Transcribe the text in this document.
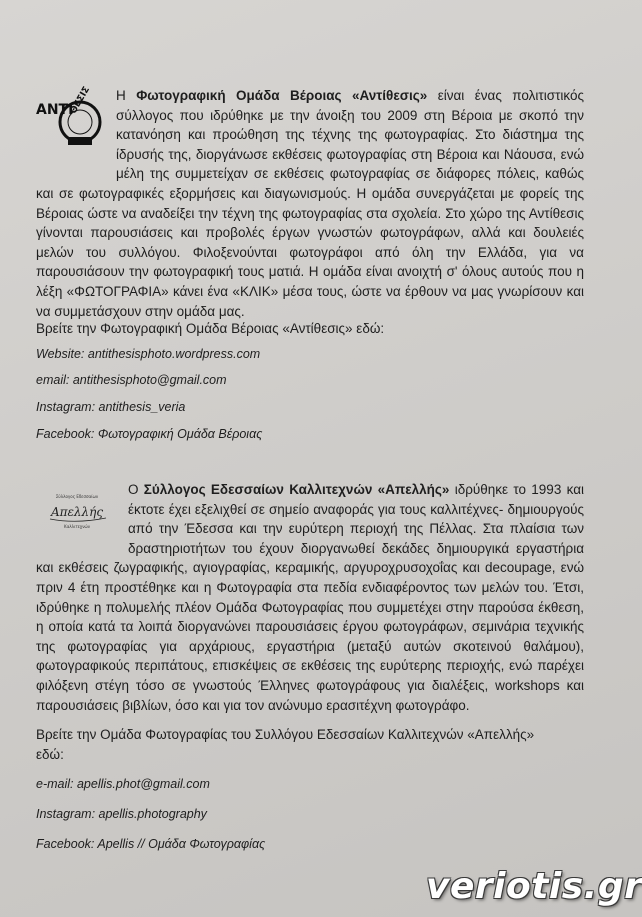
ANTI
ΘΕΣΙΣ	Η Φωτογραφική Ομάδα Βέροιας «Αντίθεσις» είναι ένας πολιτιστικός σύλλογος που ιδρύθηκε με την άνοιξη του 2009 στη Βέροια με σκοπό την κατανόηση και προώθηση της τέχνης της φωτογραφίας. Στο διάστημα της ίδρυσής της, διοργάνωσε εκθέσεις φωτογραφίας στη Βέροια και Νάουσα, ενώ μέλη της συμμετείχαν σε εκθέσεις φωτογραφίας σε διάφορες πόλεις, καθώς και σε φωτογραφικές εξορμήσεις και διαγωνισμούς. Η ομάδα συνεργάζεται με φορείς της Βέροιας ώστε να αναδείξει την τέχνη της φωτογραφίας στα σχολεία. Στο χώρο της Αντίθεσις γίνονται παρουσιάσεις και προβολές έργων γνωστών φωτογράφων, αλλά και δουλειές μελών του συλλόγου. Φιλοξενούνται φωτογράφοι από όλη την Ελλάδα, για να παρουσιάσουν την φωτογραφική τους ματιά. Η ομάδα είναι ανοιχτή σ' όλους αυτούς που η λέξη «ΦΩΤΟΓΡΑΦΙΑ» κάνει ένα «ΚΛΙΚ» μέσα τους, ώστε να έρθουν να μας γνωρίσουν και να συμμετάσχουν στην ομάδα μας.

Βρείτε την Φωτογραφική Ομάδα Βέροιας «Αντίθεσις» εδώ:

Website: antithesisphoto.wordpress.com

email: antithesisphoto@gmail.com

Instagram: antithesis_veria

Facebook: Φωτογραφική Ομάδα Βέροιας

Σύλλογος Εδεσσαίων
Απελλής
Καλλιτεχνών

Ο Σύλλογος Εδεσσαίων Καλλιτεχνών «Απελλής» ιδρύθηκε το 1993 και έκτοτε έχει εξελιχθεί σε σημείο αναφοράς για τους καλλιτέχνες- δημιουργούς από την Έδεσσα και την ευρύτερη περιοχή της Πέλλας. Στα πλαίσια των δραστηριοτήτων του έχουν διοργανωθεί δεκάδες δημιουργικά εργαστήρια και εκθέσεις ζωγραφικής, αγιογραφίας, κεραμικής, αργυροχρυσοχοΐας και decoupage, ενώ πριν 4 έτη προστέθηκε και η Φωτογραφία στα πεδία ενδιαφέροντος των μελών του. Έτσι, ιδρύθηκε η πολυμελής πλέον Ομάδα Φωτογραφίας που συμμετέχει στην παρούσα έκθεση, η οποία κατά τα λοιπά διοργανώνει παρουσιάσεις έργου φωτογράφων, σεμινάρια τεχνικής της φωτογραφίας για αρχάριους, εργαστήρια (μεταξύ αυτών σκοτεινού θαλάμου), φωτογραφικούς περιπάτους, επισκέψεις σε εκθέσεις της ευρύτερης περιοχής, ενώ παρέχει φιλόξενη στέγη τόσο σε γνωστούς Έλληνες φωτογράφους για διαλέξεις, workshops και παρουσιάσεις βιβλίων, όσο και για τον ανώνυμο ερασιτέχνη φωτογράφο.

Βρείτε την Ομάδα Φωτογραφίας του Συλλόγου Εδεσσαίων Καλλιτεχνών «Απελλής»

εδώ:

e-mail: apellis.phot@gmail.com

Instagram: apellis.photography

Facebook: Apellis // Ομάδα Φωτογραφίας

veriotis.gr
